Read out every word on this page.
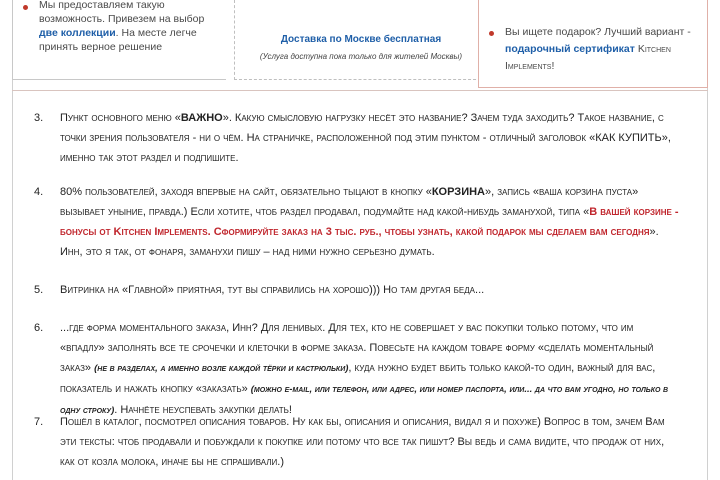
Мы предоставляем такую возможность. Привезем на выбор две коллекции. На месте легче принять верное решение
Доставка по Москве бесплатная
(Услуга доступна пока только для жителей Москвы)
Вы ищете подарок? Лучший вариант - подарочный сертификат Kitchen Implements!
3. Пункт основного меню «ВАЖНО». Какую смысловую нагрузку несёт это название? Зачем туда заходить? Такое название, с точки зрения пользователя - ни о чём. На страничке, расположенной под этим пунктом - отличный заголовок «КАК КУПИТЬ», именно так этот раздел и подпишите.
4. 80% пользователей, заходя впервые на сайт, обязательно тыцают в кнопку «КОРЗИНА», запись «ваша корзина пуста» вызывает уныние, правда.) Если хотите, чтоб раздел продавал, подумайте над какой-нибудь заманухой, типа «В вашей корзине - бонусы от Kitchen Implements. Сформируйте заказ на 3 тыс. руб., чтобы узнать, какой подарок мы сделаем вам сегодня». Инн, это я так, от фонаря, заманухи пишу – над ними нужно серьезно думать.
5. Витринка на «Главной» приятная, тут вы справились на хорошо))) Но там другая беда...
6. ...где форма моментального заказа, Инн? Для ленивых. Для тех, кто не совершает у вас покупки только потому, что им «впадлу» заполнять все те срочечки и клеточки в форме заказа. Повесьте на каждом товаре форму «сделать моментальный заказ» (не в разделах, а именно возле каждой тёрки и кастрюльки), куда нужно будет вбить только какой-то один, важный для вас, показатель и нажать кнопку «заказать» (можно e-mail, или телефон, или адрес, или номер паспорта, или... да что вам угодно, но только в одну строку). Начнёте неуспевать закупки делать!
7. Пошёл в каталог, посмотрел описания товаров. Ну как бы, описания и описания, видал я и похуже) Вопрос в том, зачем Вам эти тексты: чтоб продавали и побуждали к покупке или потому что все так пишут? Вы ведь и сама видите, что продаж от них, как от козла молока, иначе бы не спрашивали.)
